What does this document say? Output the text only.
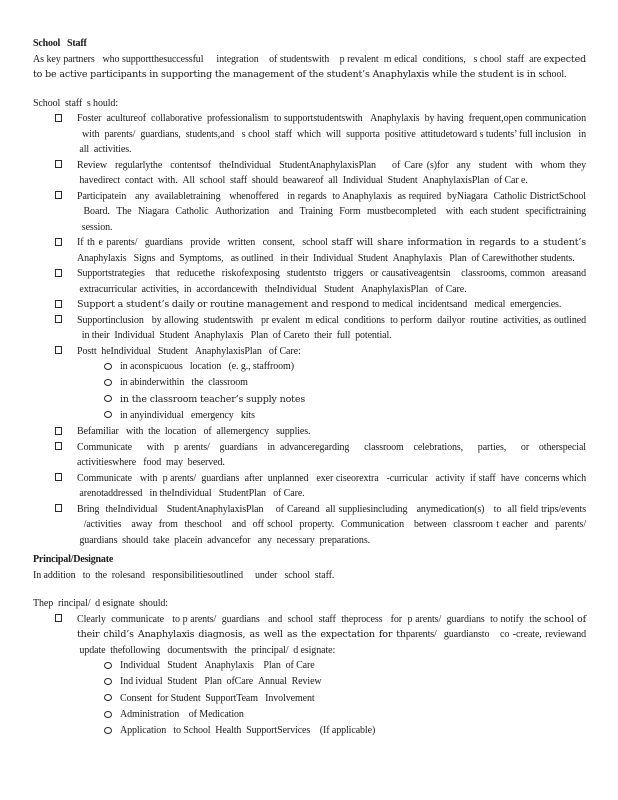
School   Staff
As key partners   who supportthesuccessful     integration    of studentswith    p revalent  m edical  conditions,   s chool  staff  are expected to be active participants in supporting the management of the student’s Anaphylaxis while the student is in school.
School  staff  s hould:
Foster  acultureof  collaborative  professionalism  to supportstudentswith   Anaphylaxis  by having  frequent,open communication   with  parents/  guardians,  students,and   s chool  staff  which  will  supporta  positive  attitudetoward s tudents’ full inclusion   in  all  activities.
Review  regularlythe  contentsof  theIndividual  StudentAnaphylaxisPlan    of Care (s)for  any  student  with  whom they  havedirect  contact  with.  All  school  staff  should  beawareof  all  Individual  Student  AnaphylaxisPlan  of Car e.
Participatein   any  availabletraining   whenoffered   in regards  to Anaphylaxis  as required  byNiagara  Catholic DistrictSchool   Board.  The  Niagara  Catholic  Authorization   and  Training  Form  mustbecompleted   with  each student  specifictraining   session.
If th e parents/  guardians  provide  written  consent,  school staff will share information in regards to a student’s Anaphylaxis   Signs  and  Symptoms,   as outlined   in their  Individual  Student  Anaphylaxis   Plan  of Carewithother students.
Supportstrategies   that  reducethe  riskofexposing  studentsto  triggers  or causativeagentsin   classrooms, common  areasand  extracurricular  activities,  in  accordancewith   theIndividual   Student   AnaphylaxisPlan   of Care.
Support a student’s daily or routine management and respond to medical  incidentsand   medical  emergencies.
Supportinclusion   by allowing  studentswith   pr evalent  m edical  conditions  to perform  dailyor  routine  activities, as outlined   in their  Individual  Student  Anaphylaxis   Plan  of Careto  their  full  potential.
Postt  heIndividual   Student   AnaphylaxisPlan   of Care:
in aconspicuous   location   (e. g., staffroom)
in abinderwithin   the  classroom
in the classroom teacher’s supply notes
in anyindividual   emergency   kits
Befamiliar   with  the  location   of  allemergency   supplies.
Communicate   with  p arents/  guardians  in advanceregarding   classroom  celebrations,   parties,   or  otherspecial activitieswhere   food  may  beserved.
Communicate   with  p arents/  guardians  after  unplanned   exer ciseorextra   -curricular   activity  if staff  have  concerns which  arenotaddressed   in theIndividual   StudentPlan   of Care.
Bring  theIndividual   StudentAnaphylaxisPlan    of Careand  all suppliesincluding   anymedication(s)   to  all field trips/events   /activities   away  from  theschool   and  off school  property.  Communication   between  classroom t eacher  and  parents/  guardians  should  take  placein  advancefor   any  necessary  preparations.
Principal/Designate
In addition   to  the  rolesand   responsibilitiesoutlined     under   school  staff.
Thep  rincipal/  d esignate  should:
Clearly  communicate   to p arents/  guardians   and  school  staff  theprocess   for  p arents/  guardians  to notify  the school of their child’s Anaphylaxis diagnosis, as well as the expectation for thparents/  guardiansto   co -create, reviewand  update  thefollowing   documentswith   the  principal/  d esignate:
Individual   Student   Anaphylaxis    Plan  of Care
Ind ividual  Student   Plan  ofCare  Annual  Review
Consent  for Student  SupportTeam   Involvement
Administration    of Medication
Application   to School  Health  SupportServices    (If applicable)
